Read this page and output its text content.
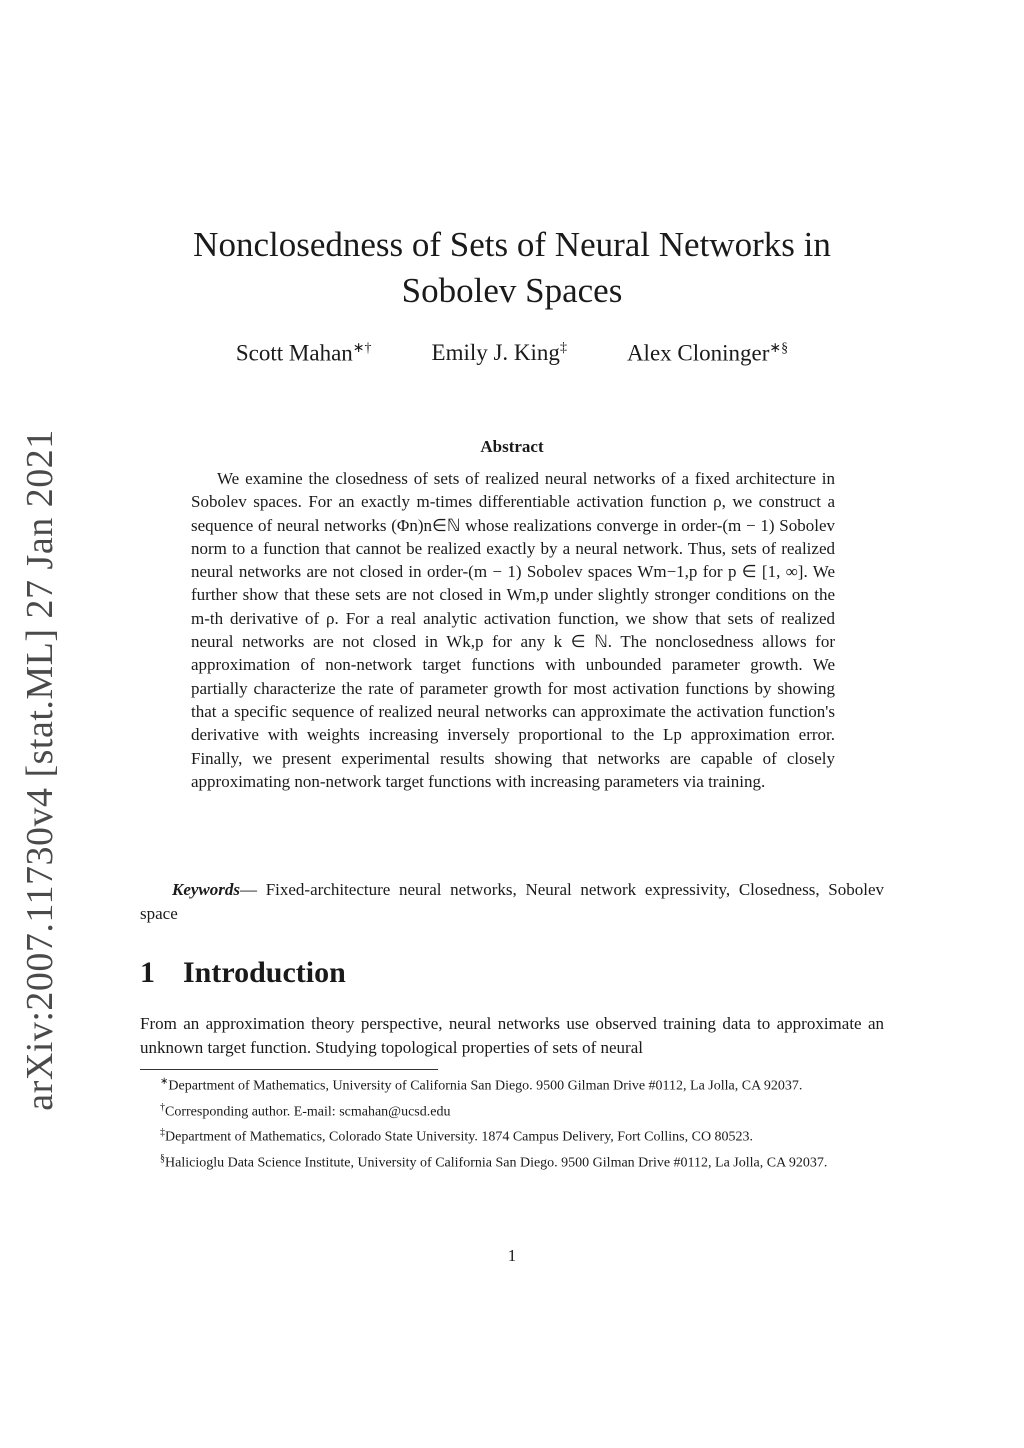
arXiv:2007.11730v4 [stat.ML] 27 Jan 2021
Nonclosedness of Sets of Neural Networks in Sobolev Spaces
Scott Mahan∗†	Emily J. King‡	Alex Cloninger∗§
Abstract
We examine the closedness of sets of realized neural networks of a fixed architecture in Sobolev spaces. For an exactly m-times differentiable activation function ρ, we construct a sequence of neural networks (Φn)n∈ℕ whose realizations converge in order-(m − 1) Sobolev norm to a function that cannot be realized exactly by a neural network. Thus, sets of realized neural networks are not closed in order-(m − 1) Sobolev spaces Wm−1,p for p ∈ [1, ∞]. We further show that these sets are not closed in Wm,p under slightly stronger conditions on the m-th derivative of ρ. For a real analytic activation function, we show that sets of realized neural networks are not closed in Wk,p for any k ∈ ℕ. The nonclosedness allows for approximation of non-network target functions with unbounded parameter growth. We partially characterize the rate of parameter growth for most activation functions by showing that a specific sequence of realized neural networks can approximate the activation function's derivative with weights increasing inversely proportional to the Lp approximation error. Finally, we present experimental results showing that networks are capable of closely approximating non-network target functions with increasing parameters via training.
Keywords— Fixed-architecture neural networks, Neural network expressivity, Closedness, Sobolev space
1 Introduction
From an approximation theory perspective, neural networks use observed training data to approximate an unknown target function. Studying topological properties of sets of neural

∗Department of Mathematics, University of California San Diego. 9500 Gilman Drive #0112, La Jolla, CA 92037.

†Corresponding author. E-mail: scmahan@ucsd.edu

‡Department of Mathematics, Colorado State University. 1874 Campus Delivery, Fort Collins, CO 80523.

§Halicioglu Data Science Institute, University of California San Diego. 9500 Gilman Drive #0112, La Jolla, CA 92037.

1
